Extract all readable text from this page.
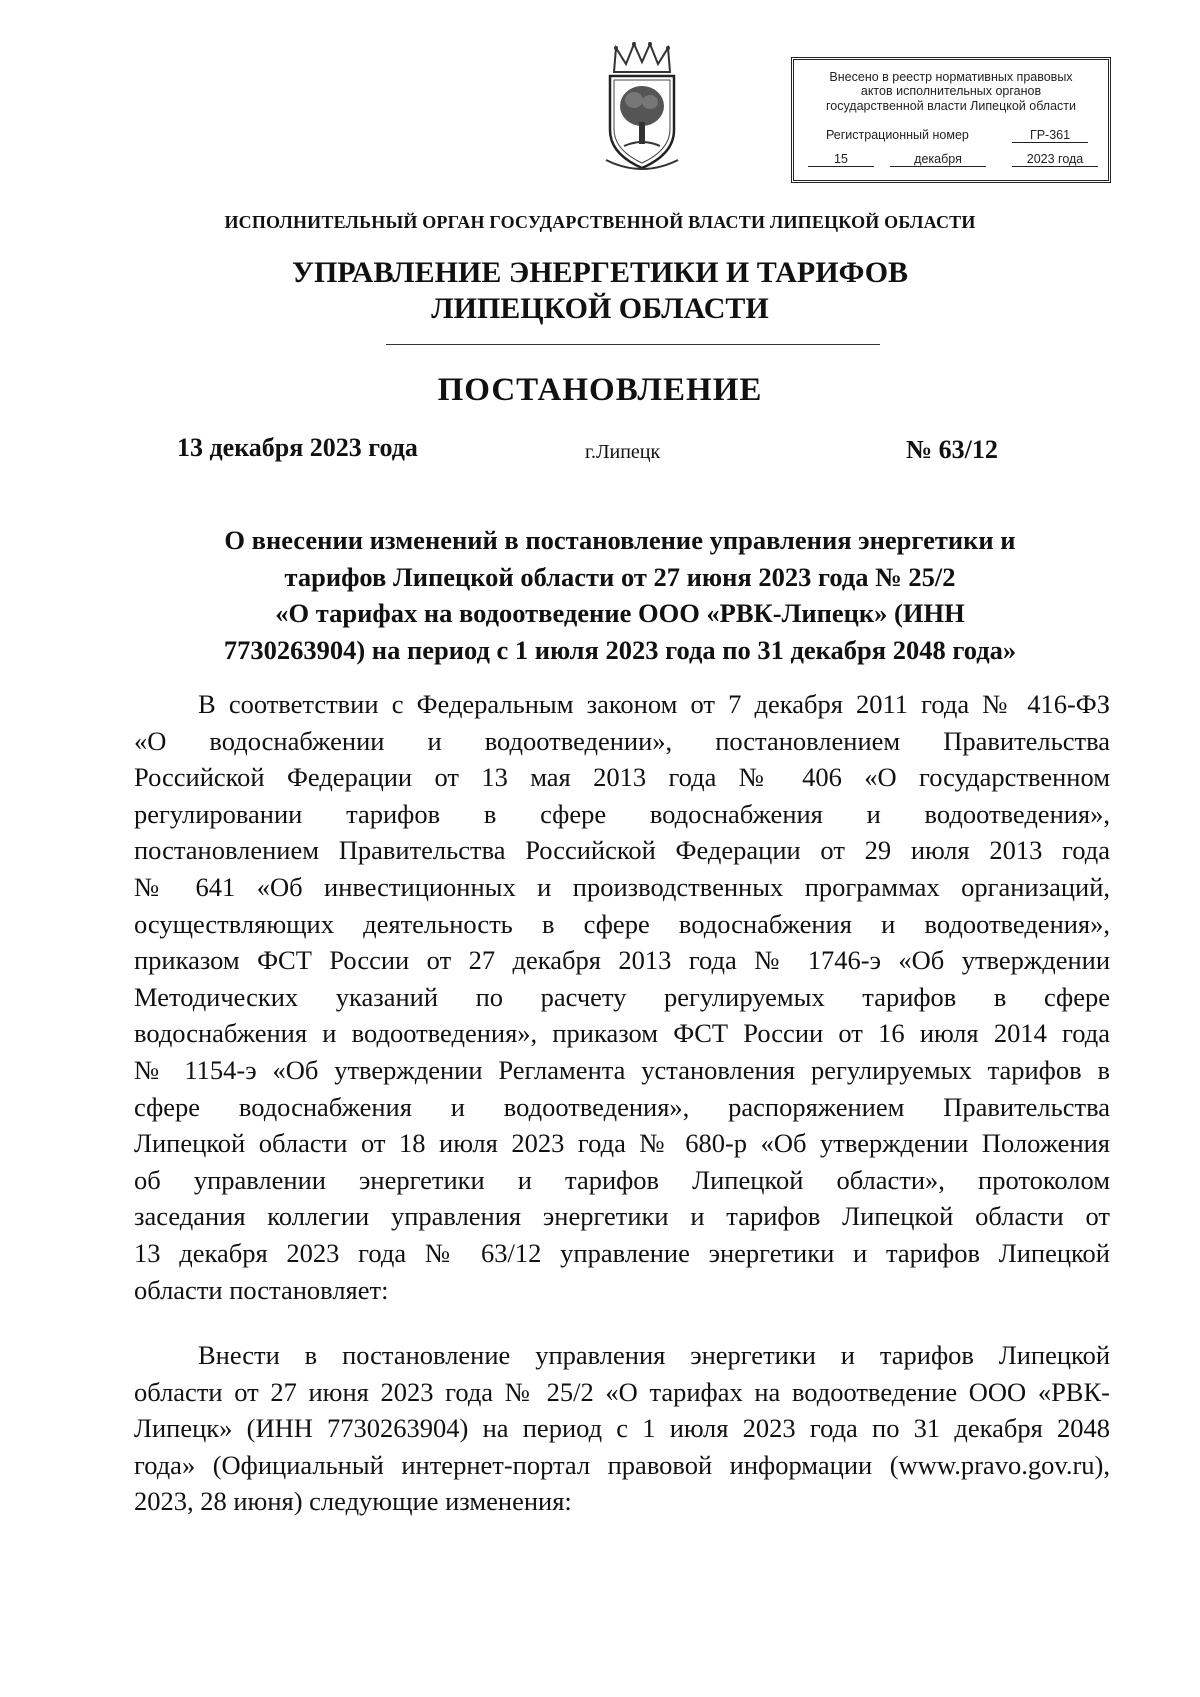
Внесено в реестр нормативных правовых
актов исполнительных органов
государственной власти Липецкой области
Регистрационный номер	ГР-361
15	декабря	2023 года
ИСПОЛНИТЕЛЬНЫЙ ОРГАН ГОСУДАРСТВЕННОЙ ВЛАСТИ ЛИПЕЦКОЙ ОБЛАСТИ
УПРАВЛЕНИЕ ЭНЕРГЕТИКИ И ТАРИФОВ
ЛИПЕЦКОЙ ОБЛАСТИ
ПОСТАНОВЛЕНИЕ
13 декабря 2023 года	г.Липецк	№ 63/12
О внесении изменений в постановление управления энергетики и
тарифов Липецкой области от 27 июня 2023 года № 25/2
«О тарифах на водоотведение ООО «РВК-Липецк» (ИНН
7730263904) на период с 1 июля 2023 года по 31 декабря 2048 года»
В соответствии с Федеральным законом от 7 декабря 2011 года № 416-ФЗ
«О водоснабжении и водоотведении», постановлением Правительства
Российской Федерации от 13 мая 2013 года № 406 «О государственном
регулировании тарифов в сфере водоснабжения и водоотведения»,
постановлением Правительства Российской Федерации от 29 июля 2013 года
№ 641 «Об инвестиционных и производственных программах организаций,
осуществляющих деятельность в сфере водоснабжения и водоотведения»,
приказом ФСТ России от 27 декабря 2013 года № 1746-э «Об утверждении
Методических указаний по расчету регулируемых тарифов в сфере
водоснабжения и водоотведения», приказом ФСТ России от 16 июля 2014 года
№ 1154-э «Об утверждении Регламента установления регулируемых тарифов в
сфере водоснабжения и водоотведения», распоряжением Правительства
Липецкой области от 18 июля 2023 года № 680-р «Об утверждении Положения
об управлении энергетики и тарифов Липецкой области», протоколом
заседания коллегии управления энергетики и тарифов Липецкой области от
13 декабря 2023 года № 63/12 управление энергетики и тарифов Липецкой
области постановляет:
Внести в постановление управления энергетики и тарифов Липецкой
области от 27 июня 2023 года № 25/2 «О тарифах на водоотведение ООО «РВК-
Липецк» (ИНН 7730263904) на период с 1 июля 2023 года по 31 декабря 2048
года» (Официальный интернет-портал правовой информации (www.pravo.gov.ru),
2023, 28 июня) следующие изменения:
